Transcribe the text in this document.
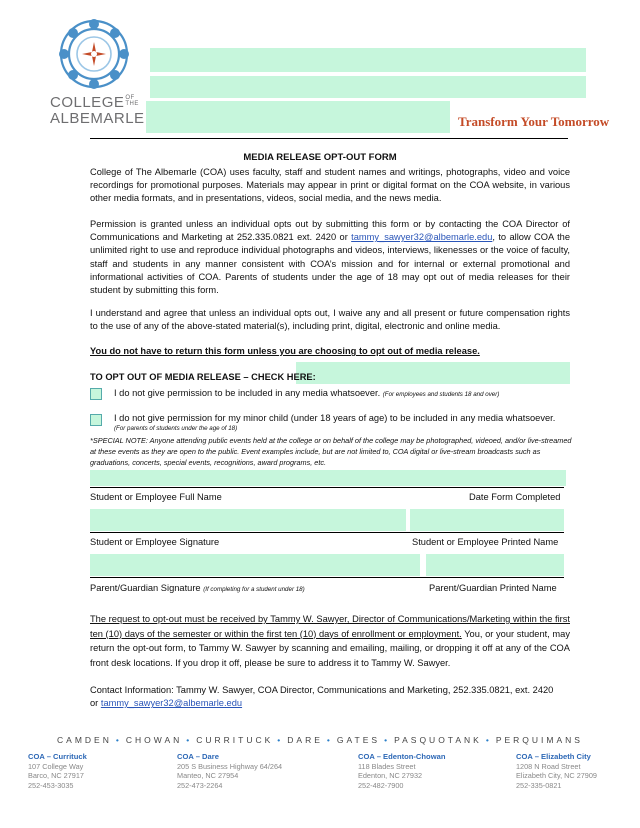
COLLEGEOF
THE
ALBEMARLE	Transform Your Tomorrow
MEDIA RELEASE OPT-OUT FORM
College of The Albemarle (COA) uses faculty, staff and student names and writings, photographs, video and voice recordings for promotional purposes. Materials may appear in print or digital format on the COA website, in various other media formats, and in presentations, videos, social media, and the news media.
Permission is granted unless an individual opts out by submitting this form or by contacting the COA Director of Communications and Marketing at 252.335.0821 ext. 2420 or tammy_sawyer32@albemarle.edu, to allow COA the unlimited right to use and reproduce individual photographs and videos, interviews, likenesses or the voice of faculty, staff and students in any manner consistent with COA’s mission and for internal or external promotional and informational activities of COA. Parents of students under the age of 18 may opt out of media releases for their student by submitting this form.
I understand and agree that unless an individual opts out, I waive any and all present or future compensation rights to the use of any of the above-stated material(s), including print, digital, electronic and online media.
You do not have to return this form unless you are choosing to opt out of media release.
TO OPT OUT OF MEDIA RELEASE – CHECK HERE:
I do not give permission to be included in any media whatsoever. (For employees and students 18 and over)
I do not give permission for my minor child (under 18 years of age) to be included in any media whatsoever.
(For parents of students under the age of 18)
*SPECIAL NOTE: Anyone attending public events held at the college or on behalf of the college may be photographed, videoed, and/or live-streamed at these events as they are open to the public. Event examples include, but are not limited to, COA digital or live-stream broadcasts such as graduations, concerts, special events, recognitions, award programs, etc.
Student or Employee Full Name	Date Form Completed
Student or Employee Signature	Student or Employee Printed Name
Parent/Guardian Signature (If completing for a student under 18)	Parent/Guardian Printed Name
The request to opt-out must be received by Tammy W. Sawyer, Director of Communications/Marketing within the first ten (10) days of the semester or within the first ten (10) days of enrollment or employment. You, or your student, may return the opt-out form, to Tammy W. Sawyer by scanning and emailing, mailing, or dropping it off at any of the COA front desk locations. If you drop it off, please be sure to address it to Tammy W. Sawyer.
Contact Information: Tammy W. Sawyer, COA Director, Communications and Marketing, 252.335.0821, ext. 2420
or tammy_sawyer32@albemarle.edu
CAMDEN • CHOWAN • CURRITUCK • DARE • GATES • PASQUOTANK • PERQUIMANS
COA – Currituck
107 College Way
Barco, NC 27917
252-453-3035
COA – Dare
205 S Business Highway 64/264
Manteo, NC 27954
252-473-2264
COA – Edenton-Chowan
118 Blades Street
Edenton, NC 27932
252-482-7900
COA – Elizabeth City
1208 N Road Street
Elizabeth City, NC 27909
252-335-0821
